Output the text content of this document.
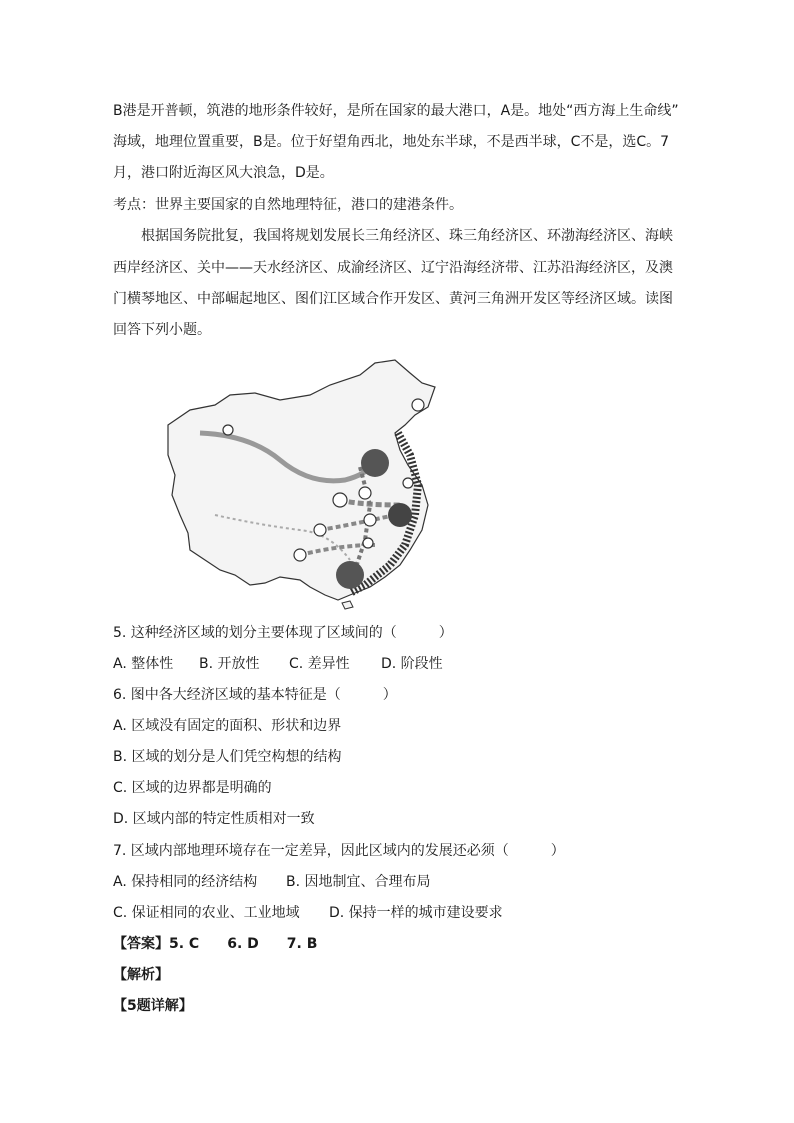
B港是开普顿，筑港的地形条件较好，是所在国家的最大港口，A是。地处“西方海上生命线”
海域，地理位置重要，B是。位于好望角西北，地处东半球，不是西半球，C不是，选C。7
月，港口附近海区风大浪急，D是。
考点：世界主要国家的自然地理特征，港口的建港条件。
根据国务院批复，我国将规划发展长三角经济区、珠三角经济区、环渤海经济区、海峡
西岸经济区、关中——天水经济区、成渝经济区、辽宁沿海经济带、江苏沿海经济区，及澳
门横琴地区、中部崛起地区、图们江区域合作开发区、黄河三角洲开发区等经济区域。读图
回答下列小题。
5. 这种经济区域的划分主要体现了区域间的（　　　）
A. 整体性 B. 开放性 C. 差异性 D. 阶段性
6. 图中各大经济区域的基本特征是（　　　）
A. 区域没有固定的面积、形状和边界
B. 区域的划分是人们凭空构想的结构
C. 区域的边界都是明确的
D. 区域内部的特定性质相对一致
7. 区域内部地理环境存在一定差异，因此区域内的发展还必须（　　　）
A. 保持相同的经济结构 B. 因地制宜、合理布局
C. 保证相同的农业、工业地域 D. 保持一样的城市建设要求
【答案】5. C　　6. D　　7. B
【解析】
【5题详解】
